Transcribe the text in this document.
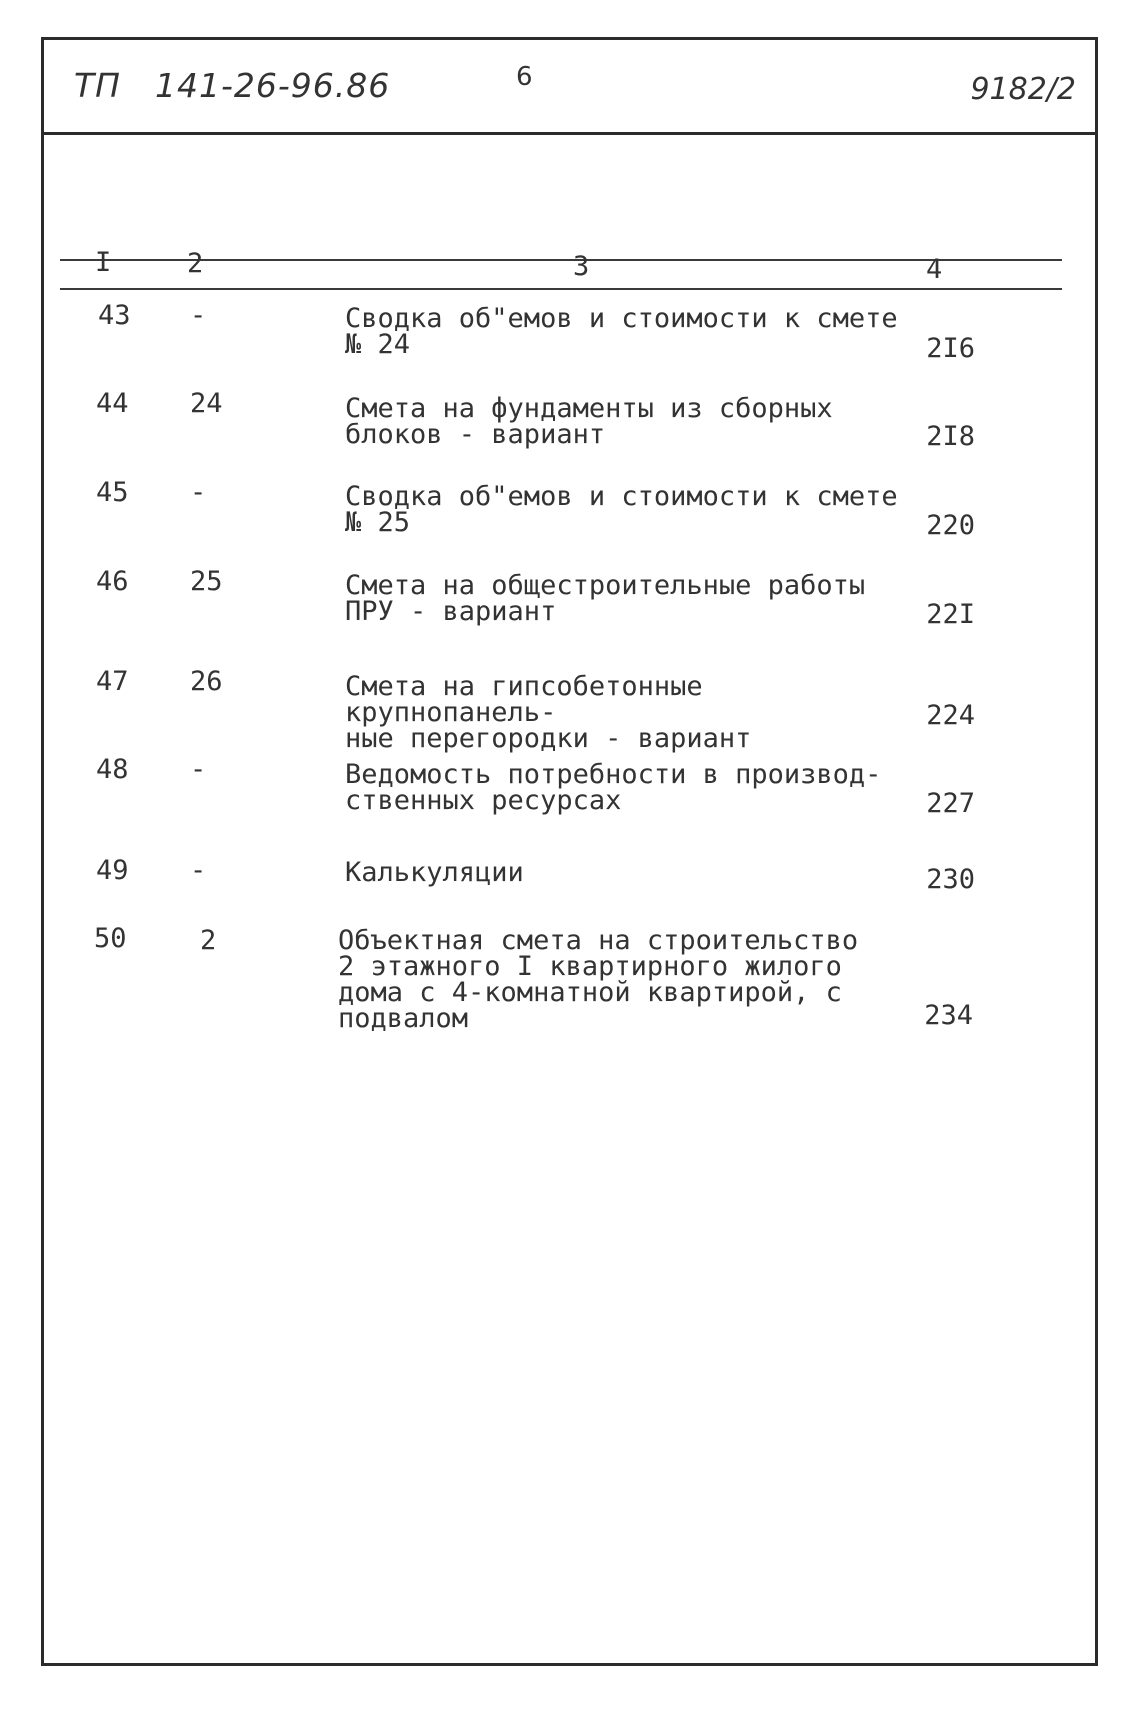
ТП 141-26-96.86	6	9182/2
I	2	3	4
43 -	Сводка об"емов и стоимости к смете
№ 24	2I6
44 24	Смета на фундаменты из сборных
блоков - вариант	2I8
45 -	Сводка об"емов и стоимости к смете
№ 25	220
46 25	Смета на общестроительные работы
ПРУ - вариант	22I
47 26	Смета на гипсобетонные крупнопанель-
ные перегородки - вариант
224
48 -	Ведомость потребности в производ-
ственных ресурсах	227
49 -	Калькуляции	230
50	2	Объектная смета на строительство
2 этажного I квартирного жилого
дома с 4-комнатной квартирой, с
подвалом	234
